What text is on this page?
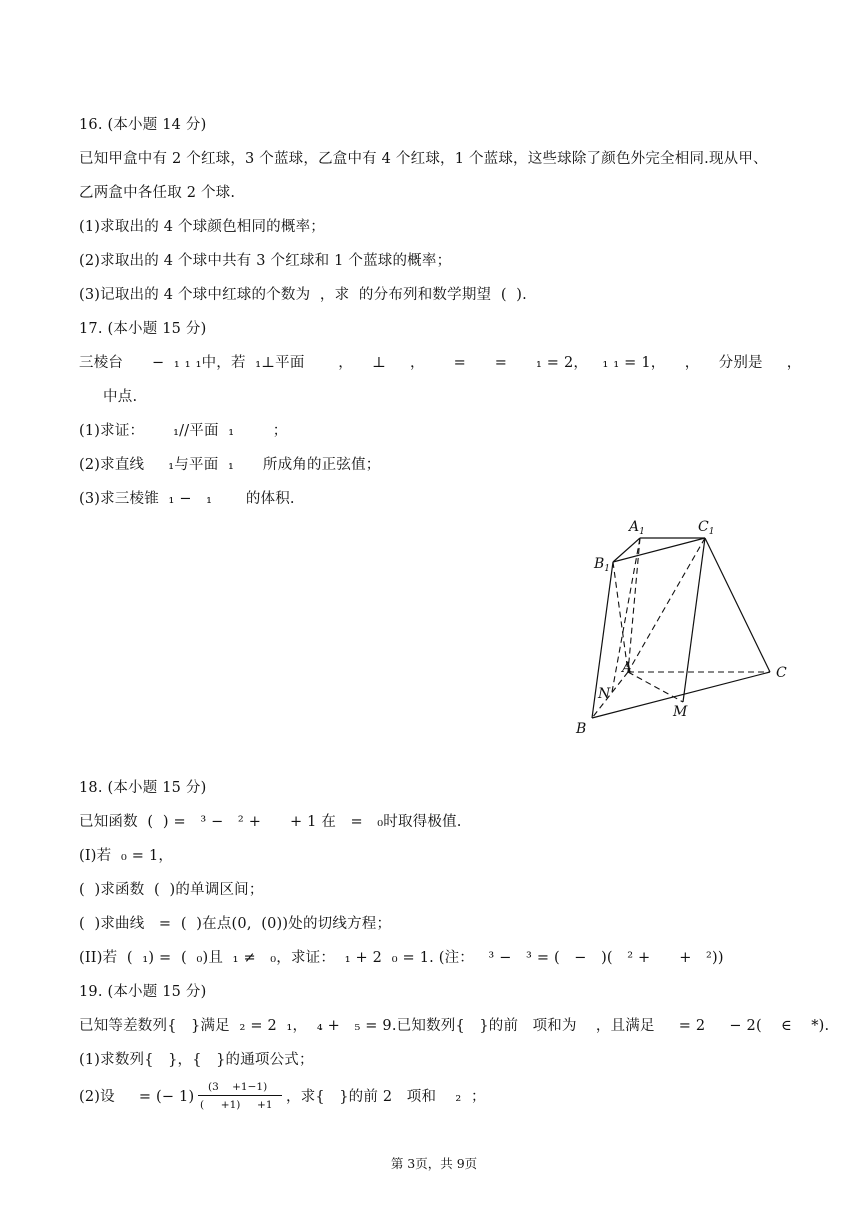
16. (本小题 14 分)
已知甲盒中有 2 个红球，3 个蓝球，乙盒中有 4 个红球，1 个蓝球，这些球除了颜色外完全相同.现从甲、
乙两盒中各任取 2 个球.
(1)求取出的 4 个球颜色相同的概率；
(2)求取出的 4 个球中共有 3 个红球和 1 个蓝球的概率；
(3)记取出的 4 个球中红球的个数为  ，求  的分布列和数学期望  (  ).
17. (本小题 15 分)
三棱台      −  ₁ ₁ ₁中，若  ₁⊥平面       ，    ⊥     ，      =      =      ₁ = 2，   ₁ ₁ = 1，    ，    分别是     ，
中点.
(1)求证：      ₁//平面  ₁        ；
(2)求直线     ₁与平面  ₁      所成角的正弦值；
(3)求三棱锥  ₁ −   ₁       的体积.
$A_1$	$C_1$
$B_1$
A	C
N
M
B
18. (本小题 15 分)
已知函数  (  ) =   ³ −   ² +      + 1 在   =   ₀时取得极值.
(I)若  ₀ = 1，
(  )求函数  (  )的单调区间；
(  )求曲线   =  (  )在点(0,  (0))处的切线方程；
(II)若  (  ₁) =  (  ₀)且  ₁ ≠   ₀，求证：  ₁ + 2  ₀ = 1. (注：   ³ −   ³ = (   −   )(   ² +      +   ²))
19. (本小题 15 分)
已知等差数列{   }满足  ₂ = 2  ₁，  ₄ +   ₅ = 9.已知数列{   }的前   项和为    ，且满足     = 2     − 2(    ∈    *).
(1)求数列{   }，{   }的通项公式；
(2)设     = (− 1)
(3    +1−1)
(     +1)     +1 ，求{   }的前 2   项和    ₂  ；
第 3页，共 9页
